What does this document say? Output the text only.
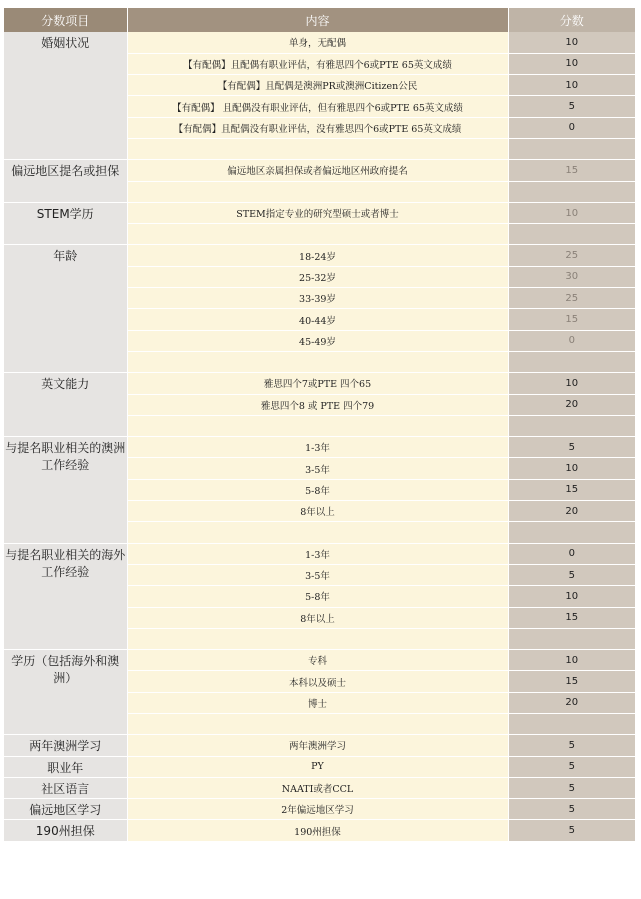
分数项目	内容	分数
婚姻状况	单身，无配偶	10
	【有配偶】且配偶有职业评估，有雅思四个6或PTE 65英文成绩	10
	【有配偶】且配偶是澳洲PR或澳洲Citizen公民	10
	【有配偶】 且配偶没有职业评估，但有雅思四个6或PTE 65英文成绩	5
	【有配偶】且配偶没有职业评估，没有雅思四个6或PTE 65英文成绩	0

偏远地区提名或担保	偏远地区亲属担保或者偏远地区州政府提名	15

STEM学历	STEM指定专业的研究型硕士或者博士	10

年龄	18-24岁	25
	25-32岁	30
	33-39岁	25
	40-44岁	15
	45-49岁	0

英文能力	雅思四个7或PTE 四个65	10
	雅思四个8 或 PTE 四个79	20

与提名职业相关的澳洲工作经验	1-3年	5
	3-5年	10
	5-8年	15
	8年以上	20

与提名职业相关的海外工作经验	1-3年	0
	3-5年	5
	5-8年	10
	8年以上	15

学历（包括海外和澳洲）	专科	10
	本科以及硕士	15
	博士	20

两年澳洲学习	两年澳洲学习	5
职业年	PY	5
社区语言	NAATI或者CCL	5
偏远地区学习	2年偏远地区学习	5
190州担保	190州担保	5
